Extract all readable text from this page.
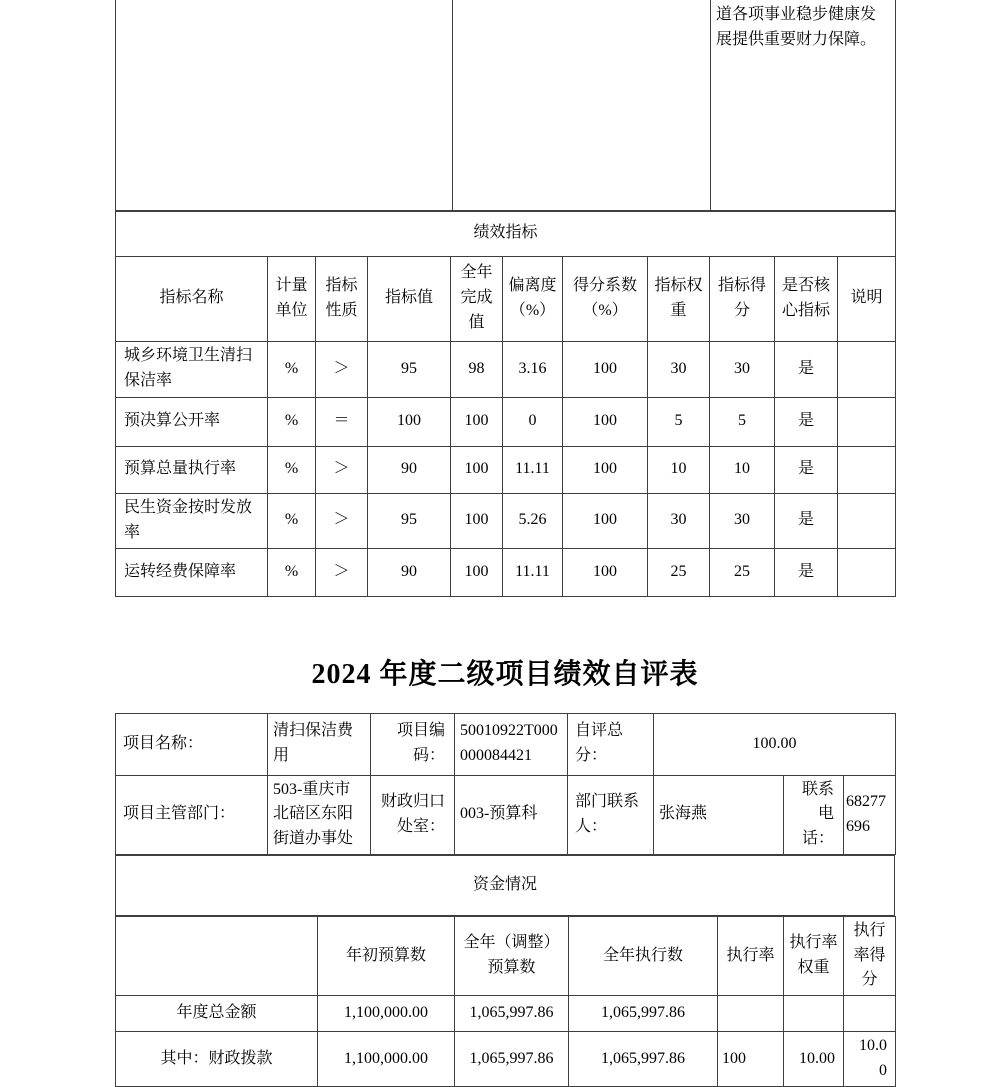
		道各项事业稳步健康发展提供重要财力保障。
绩效指标										
指标名称	计量单位	指标性质	指标值	全年完成值	偏离度（%）	得分系数（%）	指标权重	指标得分	是否核心指标	说明
城乡环境卫生清扫保洁率	%	＞	95	98	3.16	100	30	30	是	
预决算公开率	%	＝	100	100	0	100	5	5	是	
预算总量执行率	%	＞	90	100	11.11	100	10	10	是	
民生资金按时发放率	%	＞	95	100	5.26	100	30	30	是	
运转经费保障率	%	＞	90	100	11.11	100	25	25	是	
2024 年度二级项目绩效自评表
项目名称：	清扫保洁费用	项目编码：	50010922T000000084421	自评总分：	100.00		
项目主管部门：	503-重庆市北碚区东阳街道办事处	财政归口处室：	003-预算科	部门联系人：	张海燕	联系电话：	68277696
资金情况
	年初预算数	全年（调整）预算数	全年执行数	执行率	执行率权重	执行率得分
年度总金额	1,100,000.00	1,065,997.86	1,065,997.86			
其中：财政拨款	1,100,000.00	1,065,997.86	1,065,997.86	100	10.00	10.00
